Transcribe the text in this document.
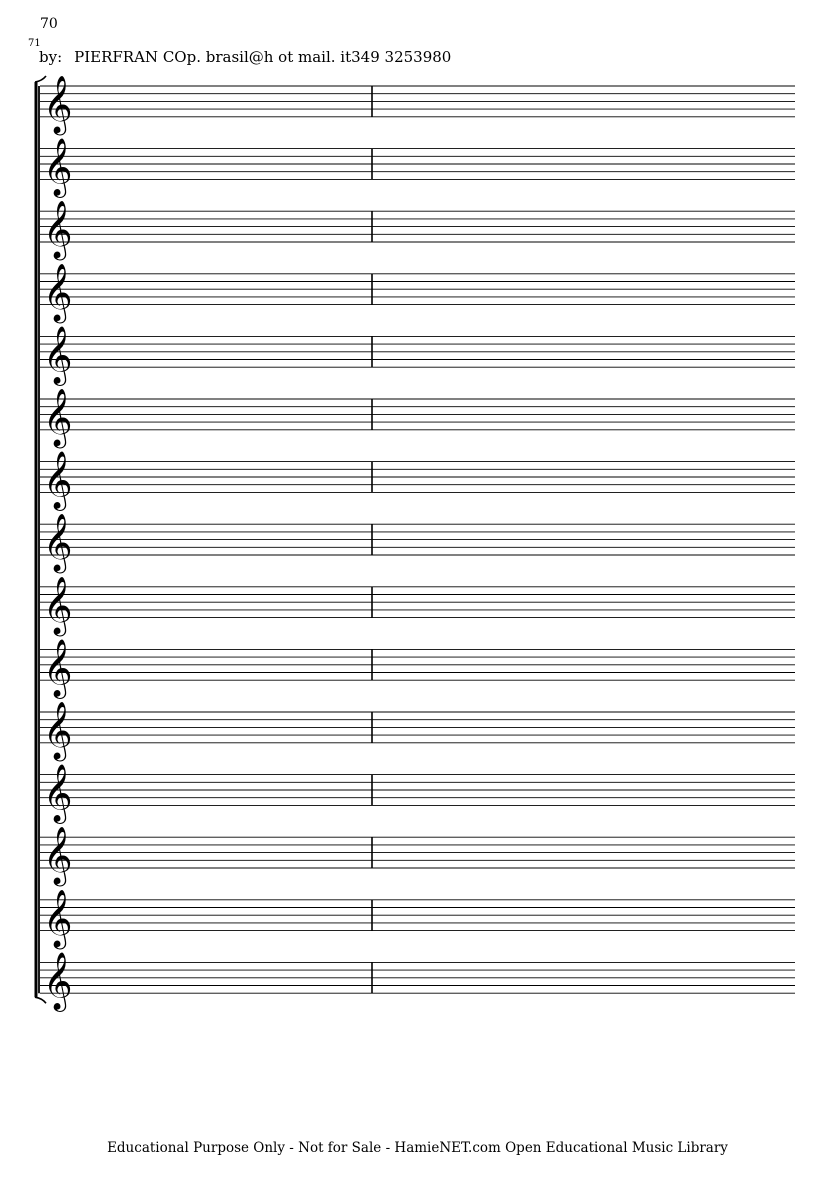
70
71
by: PIERFRAN COp. brasil@h ot mail. it349 3253980
𝄞
𝄞
𝄞
𝄞
𝄞
𝄞
𝄞
𝄞
𝄞
𝄞
𝄞
𝄞
𝄞
𝄞
𝄞
Educational Purpose Only - Not for Sale - HamieNET.com Open Educational Music Library
